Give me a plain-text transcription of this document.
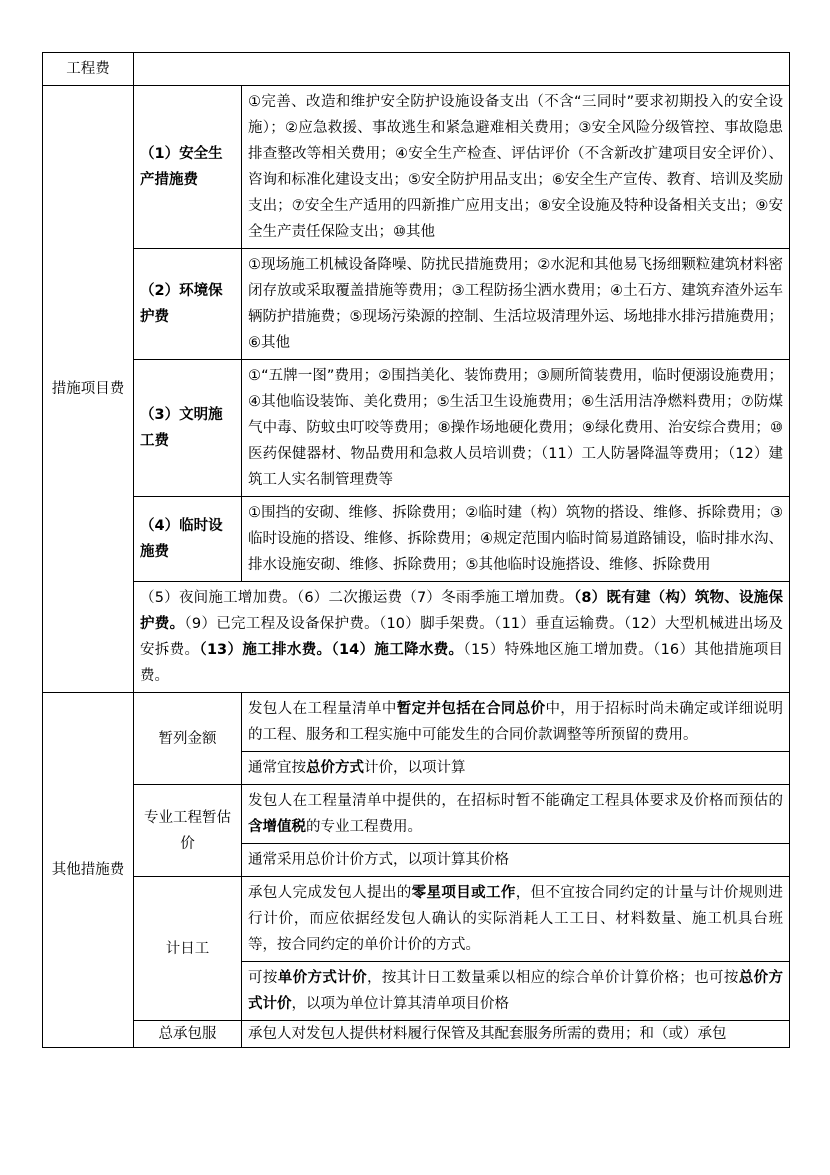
工程费		
措施项目费	（1）安全生产措施费	①完善、改造和维护安全防护设施设备支出（不含“三同时”要求初期投入的安全设施）；②应急救援、事故逃生和紧急避难相关费用；③安全风险分级管控、事故隐患排查整改等相关费用；④安全生产检查、评估评价（不含新改扩建项目安全评价）、咨询和标准化建设支出；⑤安全防护用品支出；⑥安全生产宣传、教育、培训及奖励支出；⑦安全生产适用的四新推广应用支出；⑧安全设施及特种设备相关支出；⑨安全生产责任保险支出；⑩其他
	（2）环境保护费	①现场施工机械设备降噪、防扰民措施费用；②水泥和其他易飞扬细颗粒建筑材料密闭存放或采取覆盖措施等费用；③工程防扬尘洒水费用；④土石方、建筑弃渣外运车辆防护措施费；⑤现场污染源的控制、生活垃圾清理外运、场地排水排污措施费用；⑥其他
	（3）文明施工费	①“五牌一图”费用；②围挡美化、装饰费用；③厕所简装费用，临时便溺设施费用；④其他临设装饰、美化费用；⑤生活卫生设施费用；⑥生活用洁净燃料费用；⑦防煤气中毒、防蚊虫叮咬等费用；⑧操作场地硬化费用；⑨绿化费用、治安综合费用；⑩医药保健器材、物品费用和急救人员培训费；（11）工人防暑降温等费用；（12）建筑工人实名制管理费等
	（4）临时设施费	①围挡的安砌、维修、拆除费用；②临时建（构）筑物的搭设、维修、拆除费用；③临时设施的搭设、维修、拆除费用；④规定范围内临时简易道路铺设，临时排水沟、排水设施安砌、维修、拆除费用；⑤其他临时设施搭设、维修、拆除费用
	（5）夜间施工增加费。（6）二次搬运费（7）冬雨季施工增加费。（8）既有建（构）筑物、设施保护费。（9）已完工程及设备保护费。（10）脚手架费。（11）垂直运输费。（12）大型机械进出场及安拆费。（13）施工排水费。（14）施工降水费。（15）特殊地区施工增加费。（16）其他措施项目费。	
其他措施费	暂列金额	发包人在工程量清单中暂定并包括在合同总价中，用于招标时尚未确定或详细说明的工程、服务和工程实施中可能发生的合同价款调整等所预留的费用。
		通常宜按总价方式计价，以项计算
	专业工程暂估价	发包人在工程量清单中提供的，在招标时暂不能确定工程具体要求及价格而预估的含增值税的专业工程费用。
		通常采用总价计价方式，以项计算其价格
	计日工	承包人完成发包人提出的零星项目或工作，但不宜按合同约定的计量与计价规则进行计价，而应依据经发包人确认的实际消耗人工工日、材料数量、施工机具台班等，按合同约定的单价计价的方式。
		可按单价方式计价，按其计日工数量乘以相应的综合单价计算价格；也可按总价方式计价，以项为单位计算其清单项目价格
	总承包服	承包人对发包人提供材料履行保管及其配套服务所需的费用；和（或）承包
